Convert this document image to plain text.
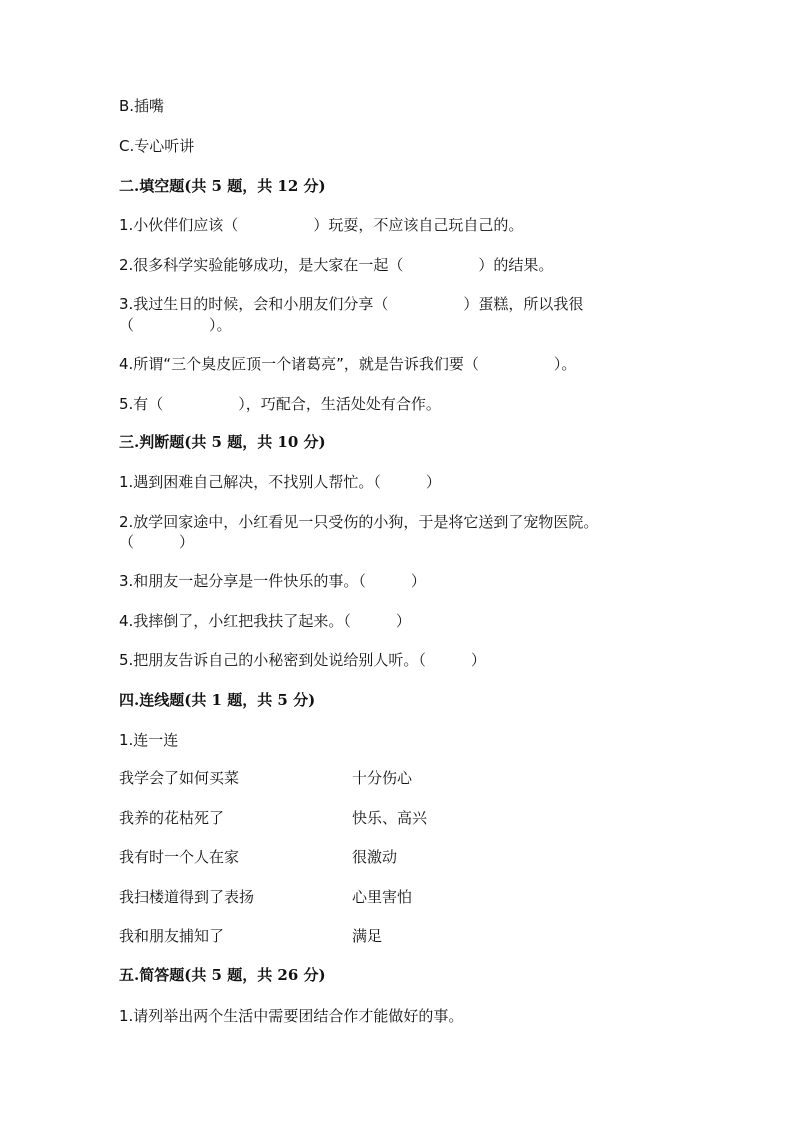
B.插嘴
C.专心听讲
二.填空题(共 5 题，共 12 分)
1.小伙伴们应该（　　　　　）玩耍，不应该自己玩自己的。
2.很多科学实验能够成功，是大家在一起（　　　　　）的结果。
3.我过生日的时候，会和小朋友们分享（　　　　　）蛋糕，所以我很
（　　　　　）。
4.所谓“三个臭皮匠顶一个诸葛亮”，就是告诉我们要（　　　　　）。
5.有（　　　　　），巧配合，生活处处有合作。
三.判断题(共 5 题，共 10 分)
1.遇到困难自己解决，不找别人帮忙。（　　　）
2.放学回家途中，小红看见一只受伤的小狗，于是将它送到了宠物医院。
（　　　）
3.和朋友一起分享是一件快乐的事。（　　　）
4.我摔倒了，小红把我扶了起来。（　　　）
5.把朋友告诉自己的小秘密到处说给别人听。（　　　）
四.连线题(共 1 题，共 5 分)
1.连一连
我学会了如何买菜	十分伤心
我养的花枯死了	快乐、高兴
我有时一个人在家	很激动
我扫楼道得到了表扬	心里害怕
我和朋友捕知了	满足
五.简答题(共 5 题，共 26 分)
1.请列举出两个生活中需要团结合作才能做好的事。
